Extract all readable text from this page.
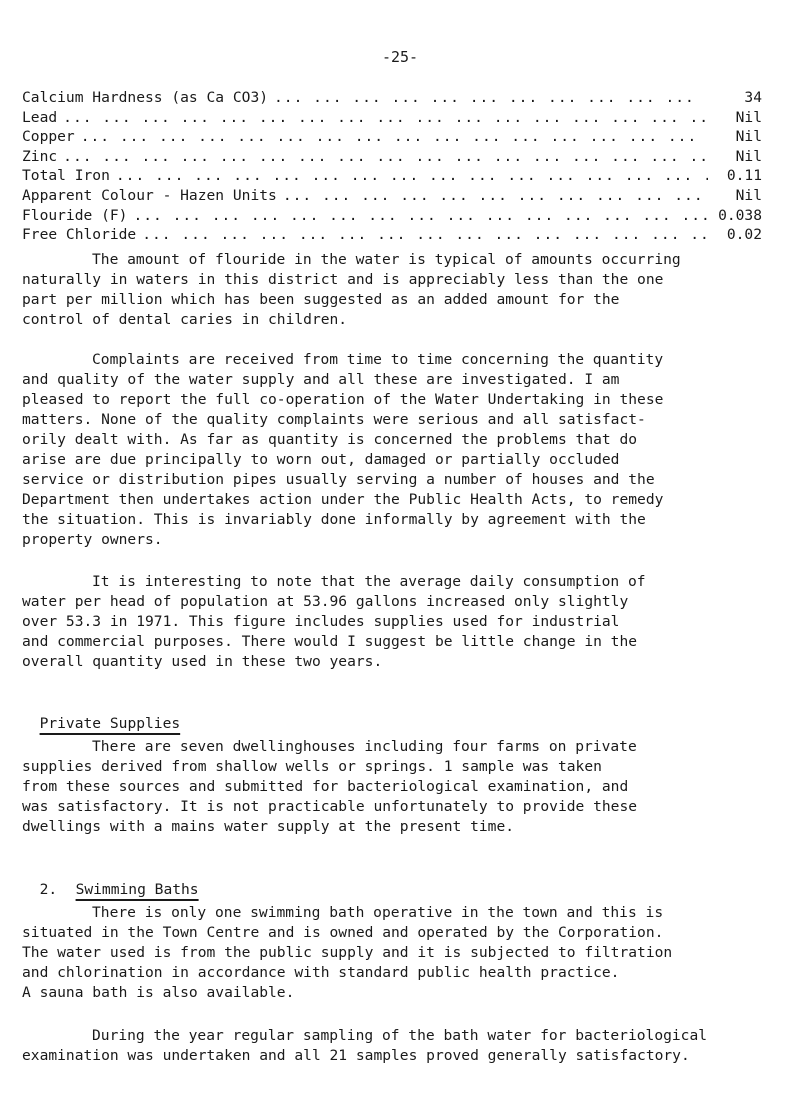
-25-
Calcium Hardness (as Ca CO3) ... .	34
Lead ... .	Nil
Copper ... .	Nil
Zinc ... .	Nil
Total Iron ... .	0.11
Apparent Colour - Hazen Units ... .	Nil
Flouride (F) ... .	0.038
Free Chloride ... .	0.02

The amount of flouride in the water is typical of amounts occurring
naturally in waters in this district and is appreciably less than the one
part per million which has been suggested as an added amount for the
control of dental caries in children.

Complaints are received from time to time concerning the quantity
and quality of the water supply and all these are investigated. I am
pleased to report the full co-operation of the Water Undertaking in these
matters. None of the quality complaints were serious and all satisfact-
orily dealt with. As far as quantity is concerned the problems that do
arise are due principally to worn out, damaged or partially occluded
service or distribution pipes usually serving a number of houses and the
Department then undertakes action under the Public Health Acts, to remedy
the situation. This is invariably done informally by agreement with the
property owners.

It is interesting to note that the average daily consumption of
water per head of population at 53.96 gallons increased only slightly
over 53.3 in 1971. This figure includes supplies used for industrial
and commercial purposes. There would I suggest be little change in the
overall quantity used in these two years.

Private Supplies

There are seven dwellinghouses including four farms on private
supplies derived from shallow wells or springs. 1 sample was taken
from these sources and submitted for bacteriological examination, and
was satisfactory. It is not practicable unfortunately to provide these
dwellings with a mains water supply at the present time.

2. Swimming Baths

There is only one swimming bath operative in the town and this is
situated in the Town Centre and is owned and operated by the Corporation.
The water used is from the public supply and it is subjected to filtration
and chlorination in accordance with standard public health practice.
A sauna bath is also available.

During the year regular sampling of the bath water for bacteriological
examination was undertaken and all 21 samples proved generally satisfactory.
